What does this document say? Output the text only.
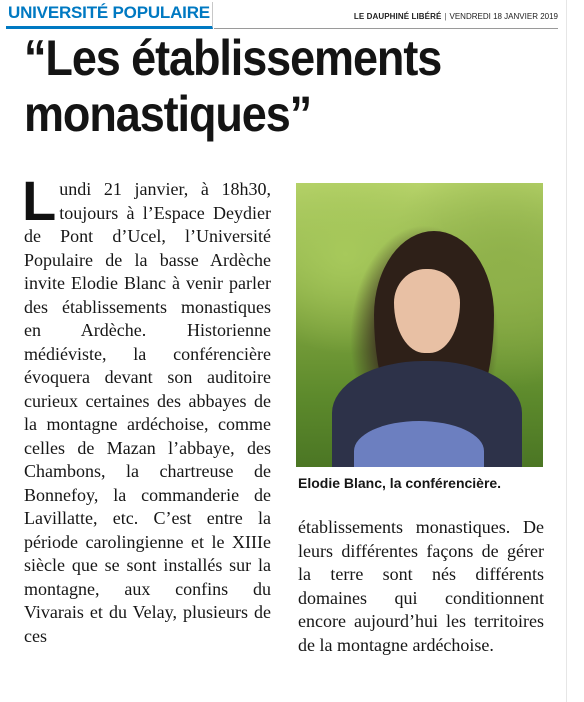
UNIVERSITÉ POPULAIRE	LE DAUPHINÉ LIBÉRÉ | VENDREDI 18 JANVIER 2019
“Les établissements
monastiques”
Lundi 21 janvier, à 18h30, toujours à l’Espace Deydier de Pont d’Ucel, l’Université Populaire de la basse Ardèche invite Elodie Blanc à venir parler des établissements monastiques en Ardèche. Historienne médiéviste, la conférencière évoquera devant son auditoire curieux certaines des abbayes de la montagne ardéchoise, comme celles de Mazan l’abbaye, des Chambons, la chartreuse de Bonnefoy, la commanderie de Lavillatte, etc. C’est entre la période carolingienne et le XIIIe siècle que se sont installés sur la montagne, aux confins du Vivarais et du Velay, plusieurs de ces
Elodie Blanc, la conférencière.
établissements monastiques. De leurs différentes façons de gérer la terre sont nés différents domaines qui conditionnent encore aujourd’hui les territoires de la montagne ardéchoise.
